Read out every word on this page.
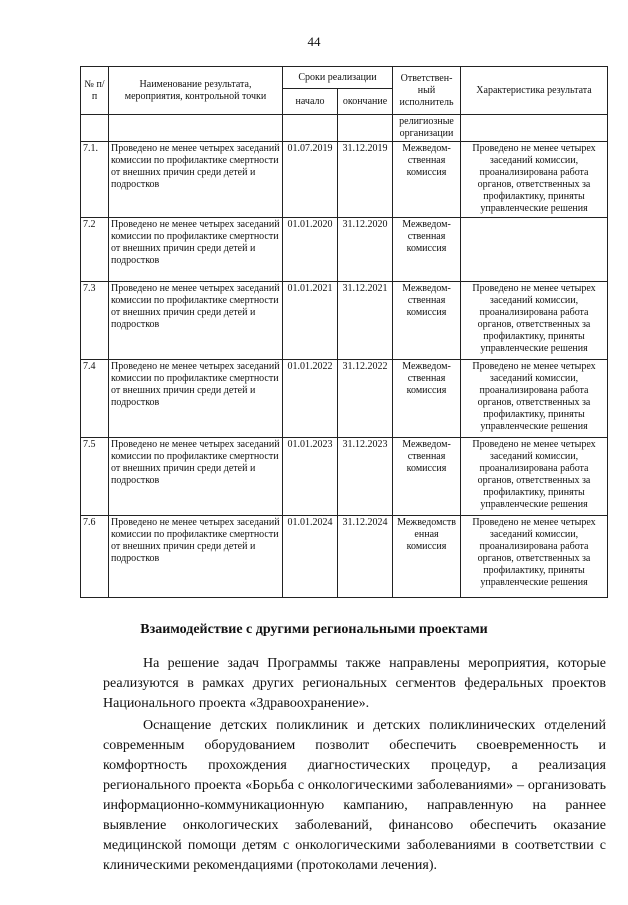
44
№ п/п	Наименование результата, мероприятия, контрольной точки	Сроки реализации		Ответствен-ный исполнитель	Характеристика результата
		начало	окончание		
				религиозные организации	
7.1.	Проведено не менее четырех заседаний комиссии по профилактике смертности от внешних причин среди детей и подростков	01.07.2019	31.12.2019	Межведом-ственная комиссия	Проведено не менее четырех заседаний комиссии, проанализирована работа органов, ответственных за профилактику, приняты управленческие решения
7.2	Проведено не менее четырех заседаний комиссии по профилактике смертности от внешних причин среди детей и подростков	01.01.2020	31.12.2020	Межведом-ственная комиссия	
7.3	Проведено не менее четырех заседаний комиссии по профилактике смертности от внешних причин среди детей и подростков	01.01.2021	31.12.2021	Межведом-ственная комиссия	Проведено не менее четырех заседаний комиссии, проанализирована работа органов, ответственных за профилактику, приняты управленческие решения
7.4	Проведено не менее четырех заседаний комиссии по профилактике смертности от внешних причин среди детей и подростков	01.01.2022	31.12.2022	Межведом-ственная комиссия	Проведено не менее четырех заседаний комиссии, проанализирована работа органов, ответственных за профилактику, приняты управленческие решения
7.5	Проведено не менее четырех заседаний комиссии по профилактике смертности от внешних причин среди детей и подростков	01.01.2023	31.12.2023	Межведом-ственная комиссия	Проведено не менее четырех заседаний комиссии, проанализирована работа органов, ответственных за профилактику, приняты управленческие решения
7.6	Проведено не менее четырех заседаний комиссии по профилактике смертности от внешних причин среди детей и подростков	01.01.2024	31.12.2024	Межведомств енная комиссия	Проведено не менее четырех заседаний комиссии, проанализирована работа органов, ответственных за профилактику, приняты управленческие решения
Взаимодействие с другими региональными проектами

На решение задач Программы также направлены мероприятия, которые реализуются в рамках других региональных сегментов федеральных проектов Национального проекта «Здравоохранение».

Оснащение детских поликлиник и детских поликлинических отделений современным оборудованием позволит обеспечить своевременность и комфортность прохождения диагностических процедур, а реализация регионального проекта «Борьба с онкологическими заболеваниями» – организовать информационно-коммуникационную кампанию, направленную на раннее выявление онкологических заболеваний, финансово обеспечить оказание медицинской помощи детям с онкологическими заболеваниями в соответствии с клиническими рекомендациями (протоколами лечения).
